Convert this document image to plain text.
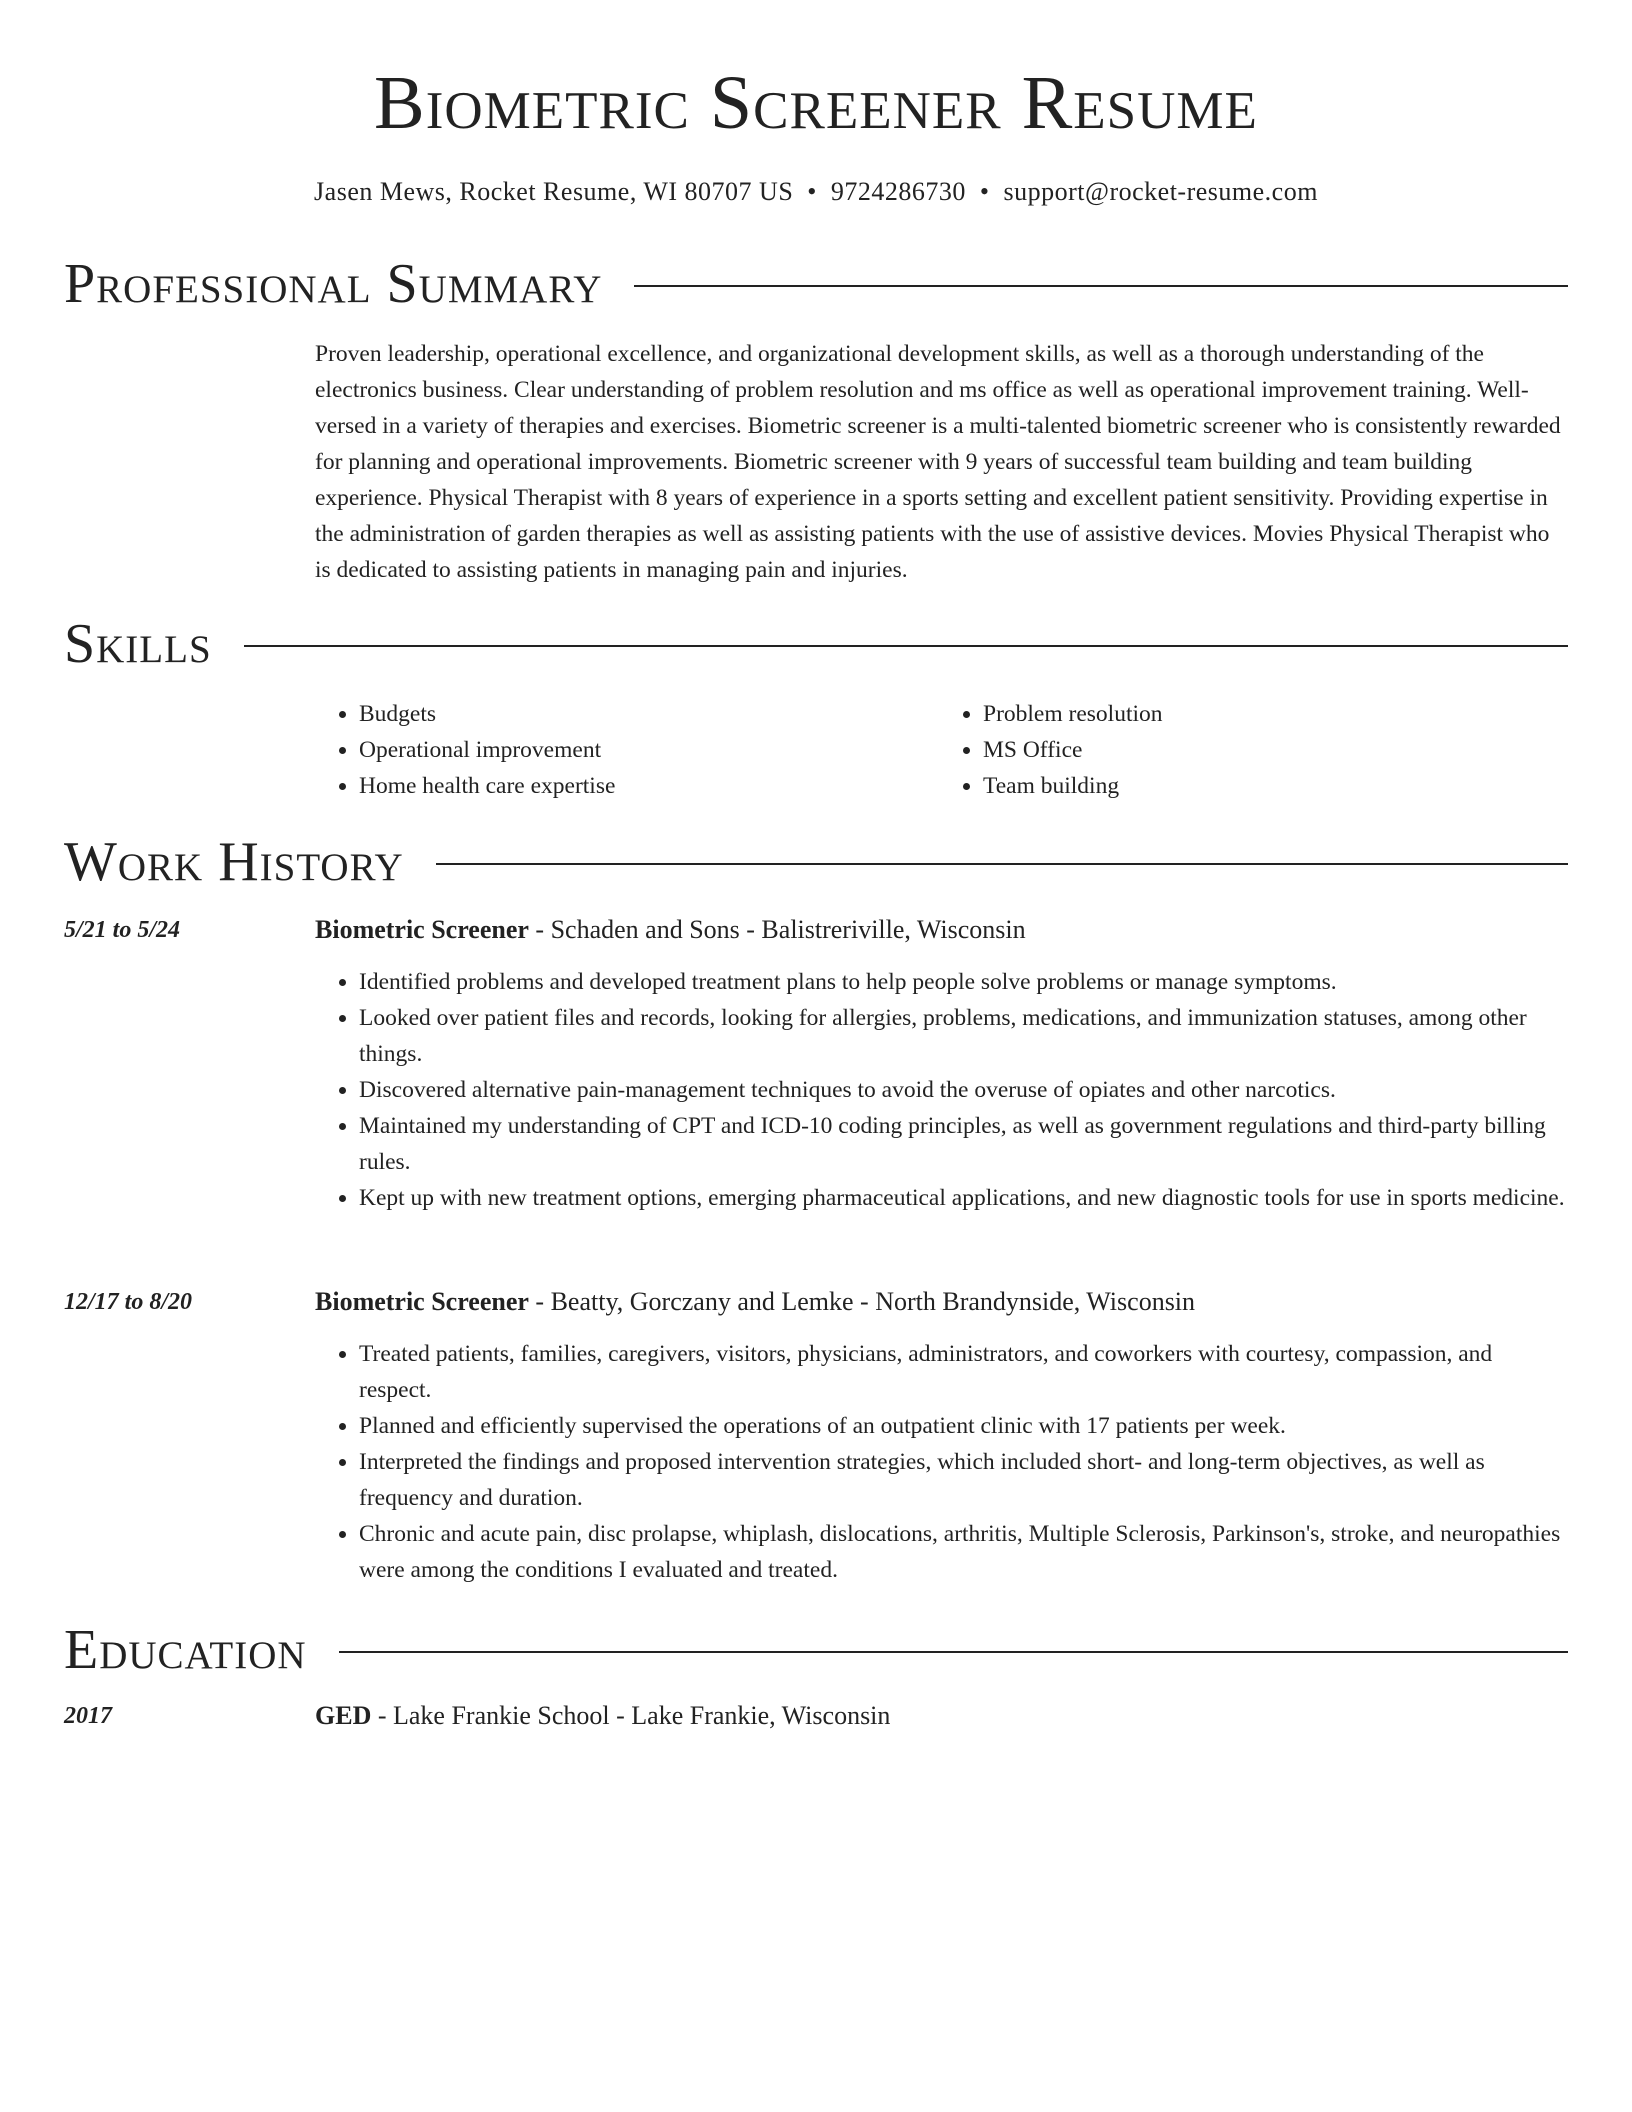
Biometric Screener Resume
Jasen Mews, Rocket Resume, WI 80707 US • 9724286730 • support@rocket-resume.com
Professional Summary

Proven leadership, operational excellence, and organizational development skills, as well as a thorough understanding of the electronics business. Clear understanding of problem resolution and ms office as well as operational improvement training. Well-versed in a variety of therapies and exercises. Biometric screener is a multi-talented biometric screener who is consistently rewarded for planning and operational improvements. Biometric screener with 9 years of successful team building and team building experience. Physical Therapist with 8 years of experience in a sports setting and excellent patient sensitivity. Providing expertise in the administration of garden therapies as well as assisting patients with the use of assistive devices. Movies Physical Therapist who is dedicated to assisting patients in managing pain and injuries.

Skills
• Budgets
• Operational improvement
• Home health care expertise
• Problem resolution
• MS Office
• Team building
Work History
5/21 to 5/24	Biometric Screener - Schaden and Sons - Balistreriville, Wisconsin

• Identified problems and developed treatment plans to help people solve problems or manage symptoms.
• Looked over patient files and records, looking for allergies, problems, medications, and immunization statuses, among other things.
• Discovered alternative pain-management techniques to avoid the overuse of opiates and other narcotics.
• Maintained my understanding of CPT and ICD-10 coding principles, as well as government regulations and third-party billing rules.
• Kept up with new treatment options, emerging pharmaceutical applications, and new diagnostic tools for use in sports medicine.
12/17 to 8/20	Biometric Screener - Beatty, Gorczany and Lemke - North Brandynside, Wisconsin

• Treated patients, families, caregivers, visitors, physicians, administrators, and coworkers with courtesy, compassion, and respect.
• Planned and efficiently supervised the operations of an outpatient clinic with 17 patients per week.
• Interpreted the findings and proposed intervention strategies, which included short- and long-term objectives, as well as frequency and duration.
• Chronic and acute pain, disc prolapse, whiplash, dislocations, arthritis, Multiple Sclerosis, Parkinson's, stroke, and neuropathies were among the conditions I evaluated and treated.
Education
2017	GED - Lake Frankie School - Lake Frankie, Wisconsin
